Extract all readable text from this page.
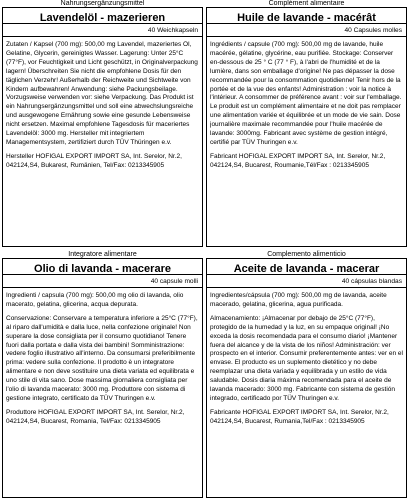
Nahrungsergänzungsmittel
Lavendelöl - mazerieren
40 Weichkapseln

Zutaten / Kapsel (700 mg): 500,00 mg Lavendel, mazeriertes Öl, Gelatine, Glycerin, gereinigtes Wasser. Lagerung: Unter 25°C (77°F), vor Feuchtigkeit und Licht geschützt, in Originalverpackung lagern! Überschreiten Sie nicht die empfohlene Dosis für den täglichen Verzehr! Außerhalb der Reichweite und Sichtweite von Kindern aufbewahren! Anwendung: siehe Packungsbeilage. Vorzugsweise verwenden vor: siehe Verpackung. Das Produkt ist ein Nahrungsergänzungsmittel und soll eine abwechslungsreiche und ausgewogene Ernährung sowie eine gesunde Lebensweise nicht ersetzen. Maximal empfohlene Tagesdosis für maceriertes Lavendelöl: 3000 mg. Hersteller mit integriertem Managementsystem, zertifiziert durch TÜV Thüringen e.v.

Hersteller HOFIGAL EXPORT IMPORT SA, Int. Serelor, Nr.2, 042124,S4, Bukarest, Rumänien, Tel/Fax: 0213345905

Complément alimentaire
Huile de lavande - macérât
40 Capsules molles

Ingrédients / capsule (700 mg): 500,00 mg de lavande, huile macérée, gélatine, glycérine, eau purifiée. Stockage: Conserver en-dessous de 25 ° C (77 ° F), à l'abri de l'humidité et de la lumière, dans son emballage d'origine! Ne pas dépasser la dose recommandée pour la consommation quotidienne! Tenir hors de la portée et de la vue des enfants! Administration : voir la notice à l'intérieur. A consommer de préférence avant : voir sur l'emballage. Le produit est un complément alimentaire et ne doit pas remplacer une alimentation variée et équilibrée et un mode de vie sain. Dose journalière maximale recommandée pour l'huile macérée de lavande: 3000mg. Fabricant avec système de gestion intégré, certifié par TÜV Thuringen e.v.

Fabricant HOFIGAL EXPORT IMPORT SA, Int. Serelor, Nr.2, 042124,S4, Bucarest, Roumanie,Tél/Fax : 0213345905

Integratore alimentare
Olio di lavanda - macerare
40 capsule molli

Ingredienti / capsula (700 mg): 500,00 mg olio di lavanda, olio macerato, gelatina, glicerina, acqua depurata.

Conservazione: Conservare a temperatura inferiore a 25°C (77°F), al riparo dall'umidità e dalla luce, nella confezione originale! Non superare la dose consigliata per il consumo quotidiano! Tenere fuori dalla portata e dalla vista dei bambini! Somministrazione: vedere foglio illustrativo all'interno. Da consumarsi preferibilmente prima: vedere sulla confezione. Il prodotto è un integratore alimentare e non deve sostituire una dieta variata ed equilibrata e uno stile di vita sano. Dose massima giornaliera consigliata per l'olio di lavanda macerato: 3000 mg. Produttore con sistema di gestione integrato, certificato da TÜV Thuringen e.v.

Produttore HOFIGAL EXPORT IMPORT SA, Int. Serelor, Nr.2, 042124,S4, Bucarest, Romania, Tel/Fax: 0213345905

Complemento alimenticio
Aceite de lavanda - macerar
40 cápsulas blandas

Ingredientes/cápsula (700 mg): 500,00 mg de lavanda, aceite macerado, gelatina, glicerina, agua purificada.

Almacenamiento: ¡Almacenar por debajo de 25°C (77°F), protegido de la humedad y la luz, en su empaque original! ¡No exceda la dosis recomendada para el consumo diario! ¡Mantener fuera del alcance y de la vista de los niños! Administración: ver prospecto en el interior. Consumir preferentemente antes: ver en el envase. El producto es un suplemento dietético y no debe reemplazar una dieta variada y equilibrada y un estilo de vida saludable. Dosis diaria máxima recomendada para el aceite de lavanda macerado: 3000 mg. Fabricante con sistema de gestión integrado, certificado por TÜV Thuringen e.v.

Fabricante HOFIGAL EXPORT IMPORT SA, Int. Serelor, Nr.2, 042124,S4, Bucarest, Rumania,Tel/Fax : 0213345905
